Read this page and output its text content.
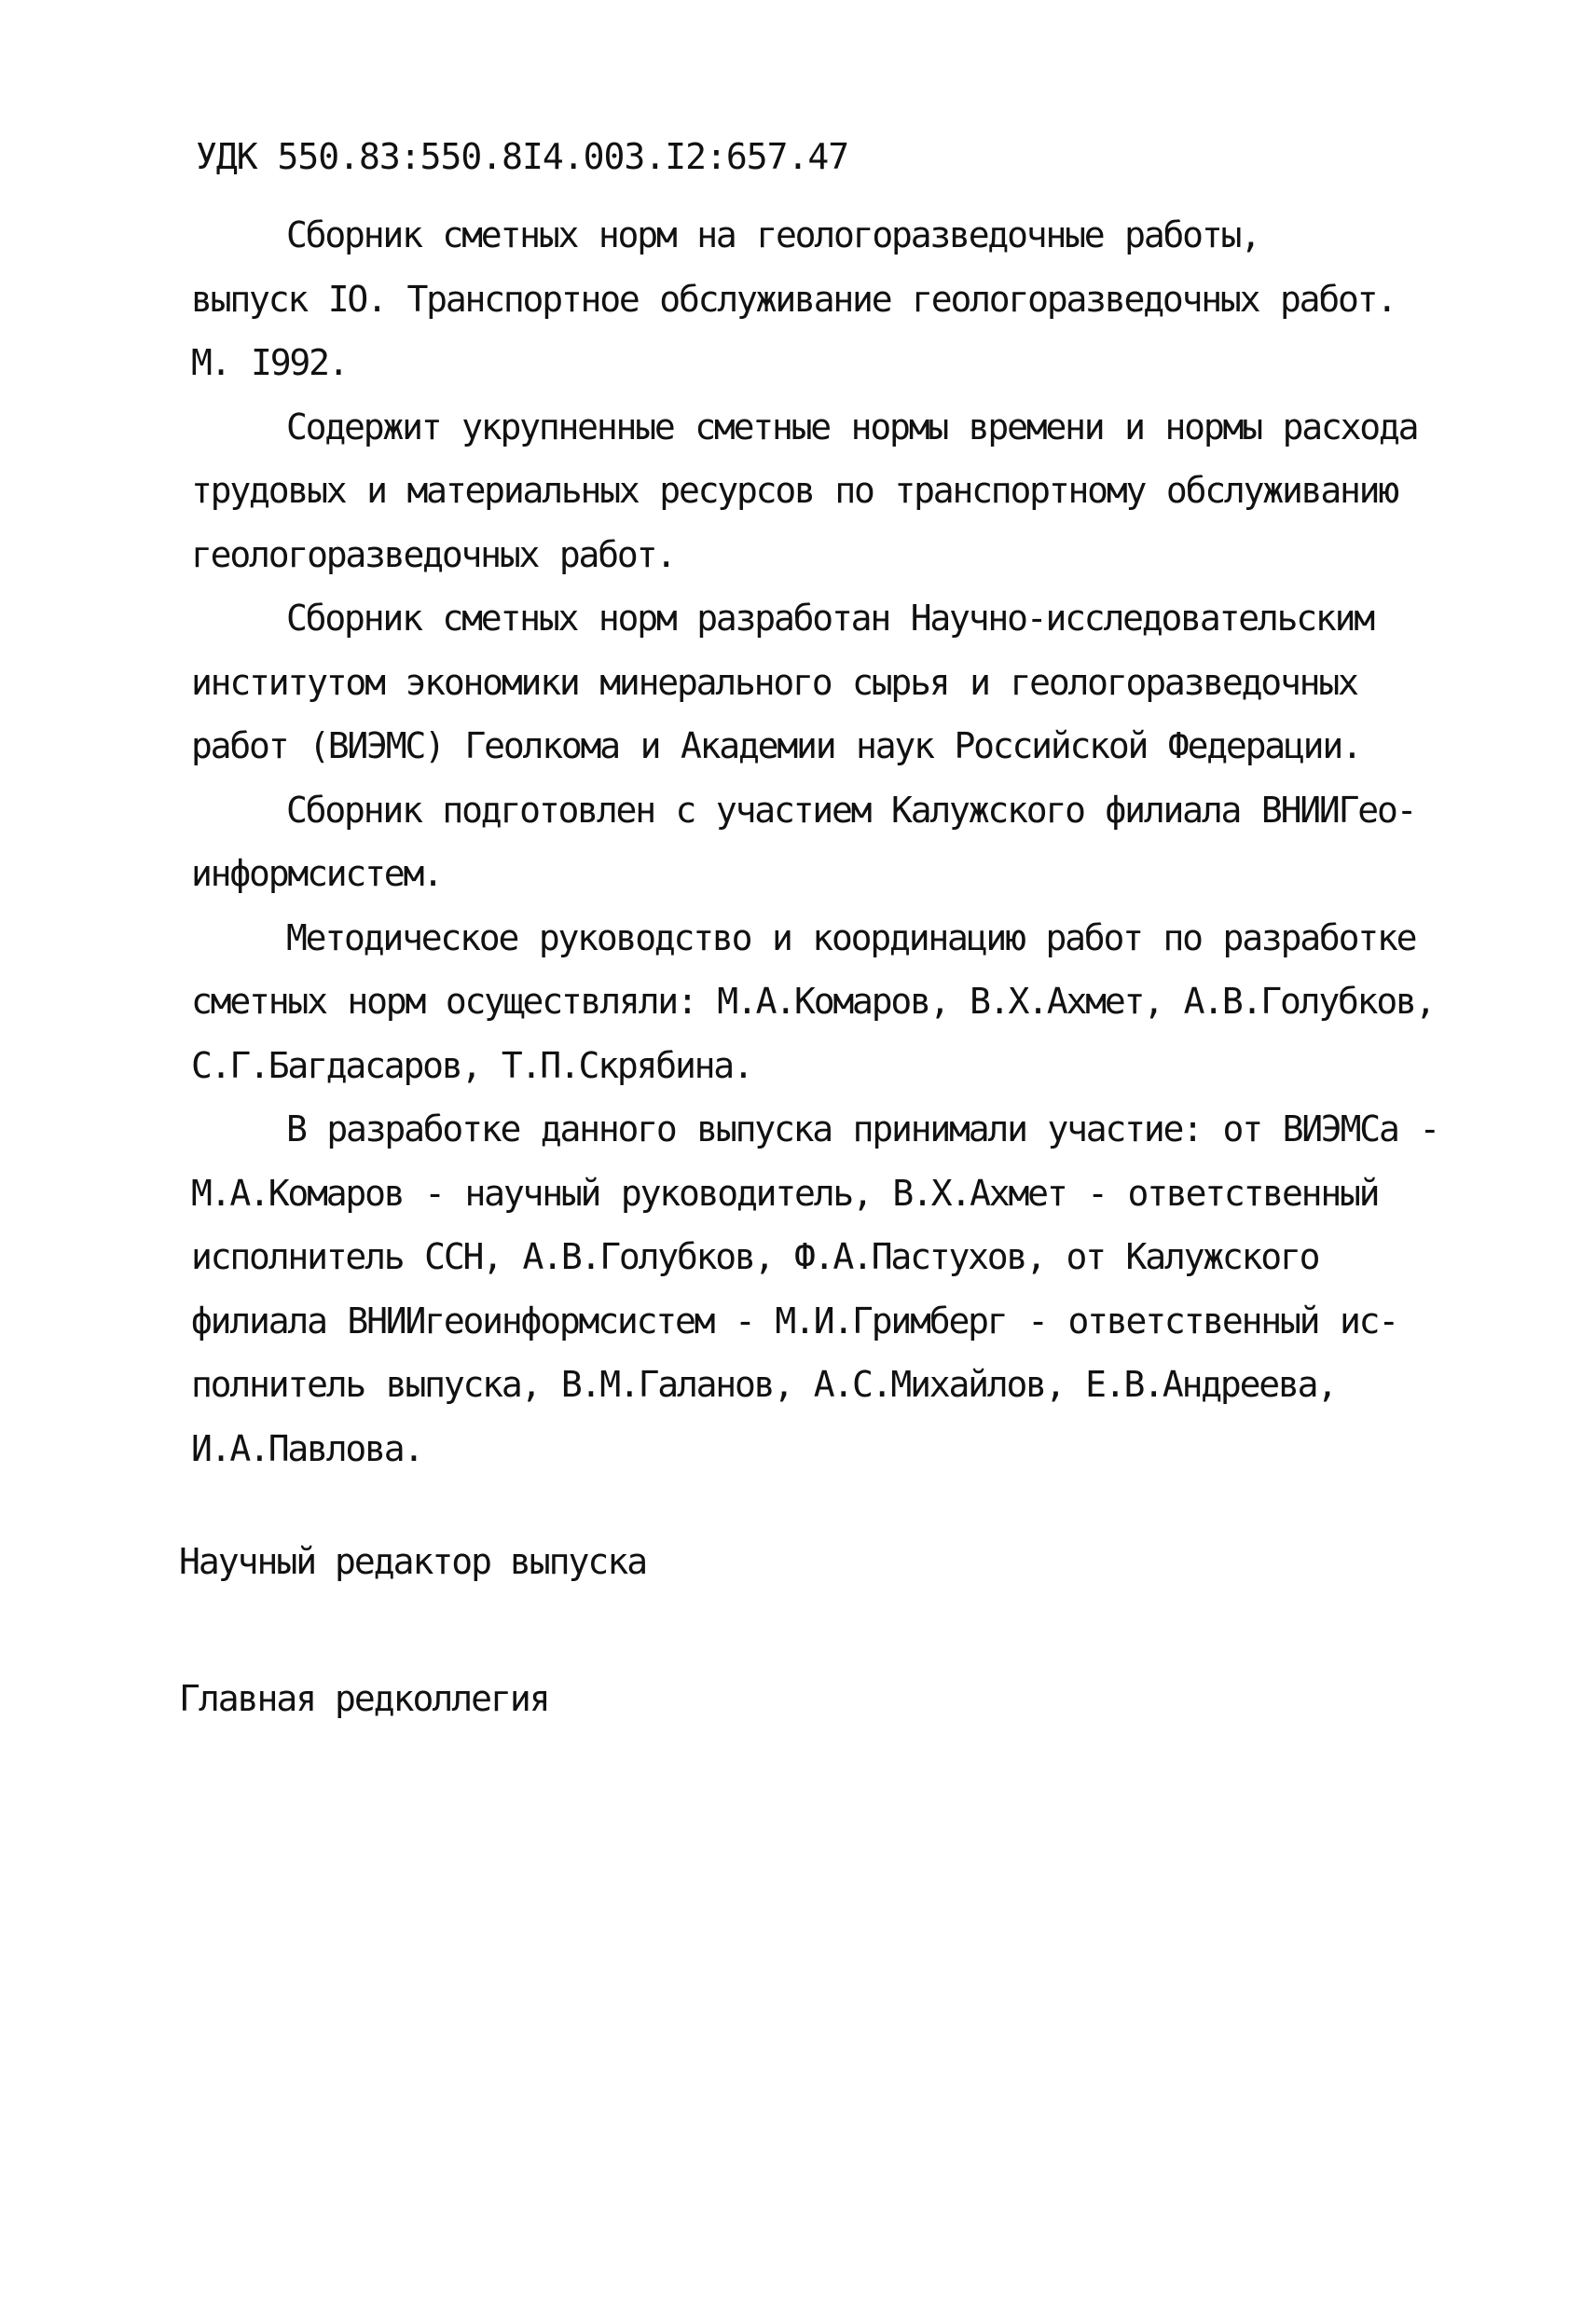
УДК 550.83:550.8I4.003.I2:657.47

Сборник сметных норм на геологоразведочные работы,
выпуск IO. Транспортное обслуживание геологоразведочных работ.
М. I992.

Содержит укрупненные сметные нормы времени и нормы расхода
трудовых и материальных ресурсов по транспортному обслуживанию
геологоразведочных работ.

Сборник сметных норм разработан Научно-исследовательским
институтом экономики минерального сырья и геологоразведочных
работ (ВИЭМС) Геолкома и Академии наук Российской Федерации.

Сборник подготовлен с участием Калужского филиала ВНИИГео-
информсистем.

Методическое руководство и координацию работ по разработке
сметных норм осуществляли: М.А.Комаров, В.Х.Ахмет, А.В.Голубков,
С.Г.Багдасаров, Т.П.Скрябина.

В разработке данного выпуска принимали участие: от ВИЭМСа -
М.А.Комаров - научный руководитель, В.Х.Ахмет - ответственный
исполнитель ССН, А.В.Голубков, Ф.А.Пастухов, от Калужского
филиала ВНИИгеоинформсистем - М.И.Гримберг - ответственный ис-
полнитель выпуска, В.М.Галанов, А.С.Михайлов, Е.В.Андреева,
И.А.Павлова.

Научный редактор выпуска
Главная редколлегия
